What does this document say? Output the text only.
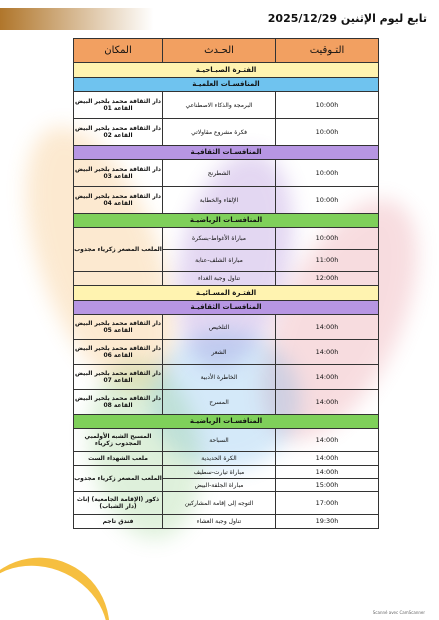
تابع ليوم الإثنين 2025/12/29
التـوقيت	الحـدث	المكان
الفتـرة الصبـاحيـة		
المنافسـات العلميـة		
10:00h	البرمجة والذكاء الاصطناعي	دار الثقافة محمد بلخير البيض القاعة 01
10:00h	فكرة مشروع مقاولاتي	دار الثقافة محمد بلخير البيض القاعة 02
المنافسـات الثقافيـة		
10:00h	الشطرنج	دار الثقافة محمد بلخير البيض القاعة 03
10:00h	الإلقاء والخطابة	دار الثقافة محمد بلخير البيض القاعة 04
المنافسـات الرياضيـة		
10:00h	مباراة الأغواط-بسكرة	الملعب المصغر زكرياء مجدوب
11:00h	مباراة الشلف-عنابة	
12:00h	تناول وجبة الغداء	
الفتـرة المسـائيـة		
المنافسـات الثقافيـة		
14:00h	التلخيص	دار الثقافة محمد بلخير البيض القاعة 05
14:00h	الشعر	دار الثقافة محمد بلخير البيض القاعة 06
14:00h	الخاطرة الأدبية	دار الثقافة محمد بلخير البيض القاعة 07
14:00h	المسرح	دار الثقافة محمد بلخير البيض القاعة 08
المنافسـات الرياضيـة		
14:00h	السباحة	المسبح الشبه الأولمبي المجدوب زكرياء
14:00h	الكرة الحديدية	ملعب الشهداء الست
14:00h	مباراة تيارت-سطيف	الملعب المصغر زكرياء مجدوب
15:00h	مباراة الجلفة-البيض	
17:00h	التوجه إلى إقامة المشاركين	ذكور (الإقامة الجامعية) إناث (دار الشباب)
19:30h	تناول وجبة العشاء	فندق تاجم
Scanné avec CamScanner
